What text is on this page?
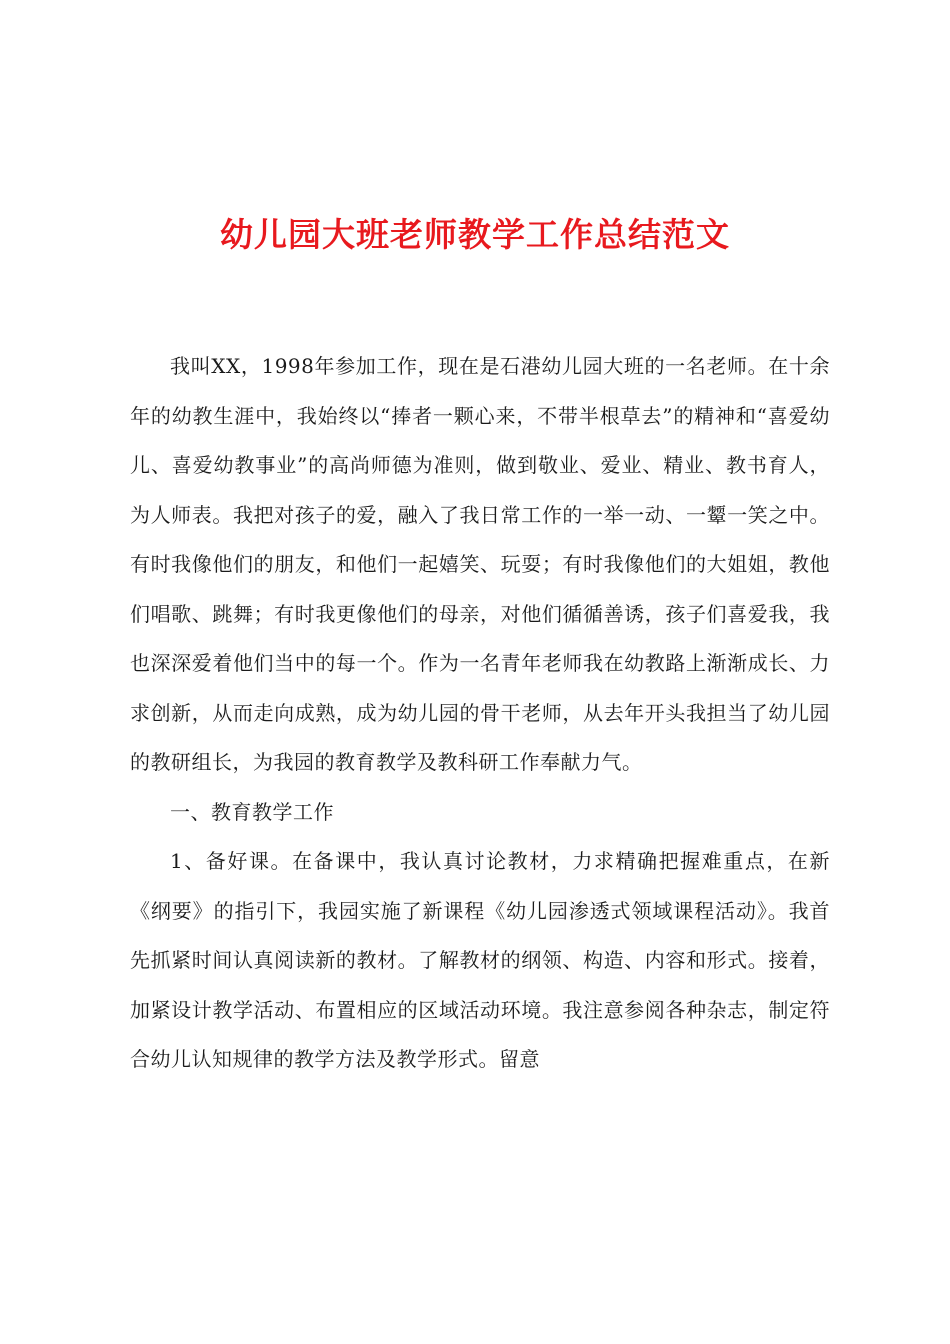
幼儿园大班老师教学工作总结范文

我叫XX，1998年参加工作，现在是石港幼儿园大班的一名老师。在十余年的幼教生涯中，我始终以“捧者一颗心来，不带半根草去”的精神和“喜爱幼儿、喜爱幼教事业”的高尚师德为准则，做到敬业、爱业、精业、教书育人，为人师表。我把对孩子的爱，融入了我日常工作的一举一动、一颦一笑之中。有时我像他们的朋友，和他们一起嬉笑、玩耍；有时我像他们的大姐姐，教他们唱歌、跳舞；有时我更像他们的母亲，对他们循循善诱，孩子们喜爱我，我也深深爱着他们当中的每一个。作为一名青年老师我在幼教路上渐渐成长、力求创新，从而走向成熟，成为幼儿园的骨干老师，从去年开头我担当了幼儿园的教研组长，为我园的教育教学及教科研工作奉献力气。

一、教育教学工作

1、备好课。在备课中，我认真讨论教材，力求精确把握难重点，在新《纲要》的指引下，我园实施了新课程《幼儿园渗透式领域课程活动》。我首先抓紧时间认真阅读新的教材。了解教材的纲领、构造、内容和形式。接着，加紧设计教学活动、布置相应的区域活动环境。我注意参阅各种杂志，制定符合幼儿认知规律的教学方法及教学形式。留意
